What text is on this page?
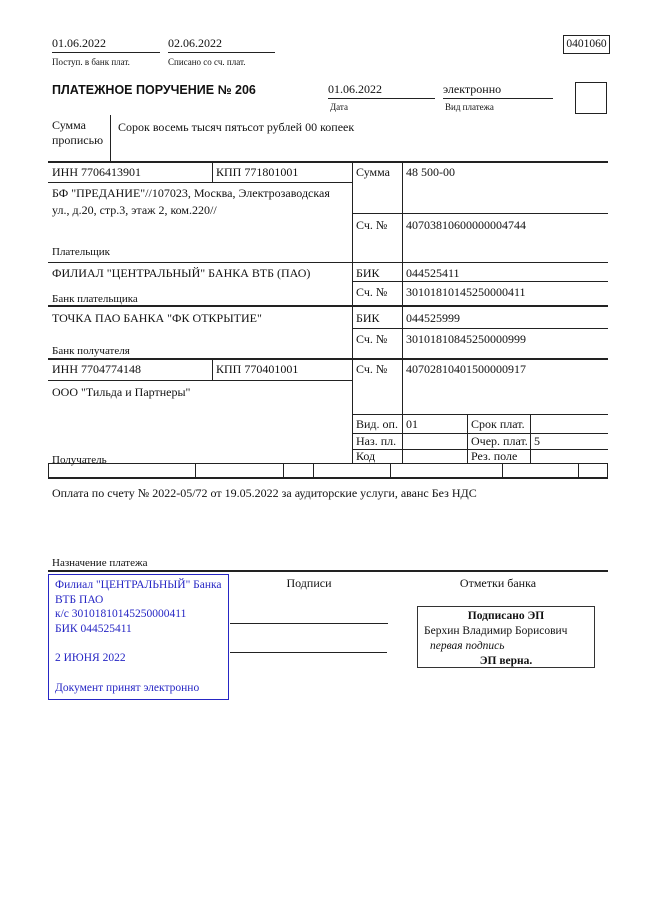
01.06.2022
Поступ. в банк плат.
02.06.2022
Списано со сч. плат.
0401060
ПЛАТЕЖНОЕ ПОРУЧЕНИЕ № 206	01.06.2022
Дата
электронно
Вид платежа
Сумма прописью
Сорок восемь тысяч пятьсот рублей 00 копеек
ИНН 7706413901	КПП 771801001	Сумма 48 500-00
БФ "ПРЕДАНИЕ"//107023, Москва, Электрозаводская ул., д.20, стр.3, этаж 2, ком.220//
Сч. № 40703810600000004744
Плательщик
ФИЛИАЛ "ЦЕНТРАЛЬНЫЙ" БАНКА ВТБ (ПАО)	БИК 044525411
Сч. № 30101810145250000411
Банк плательщика
ТОЧКА ПАО БАНКА "ФК ОТКРЫТИЕ"	БИК 044525999
Сч. № 30101810845250000999
Банк получателя
ИНН 7704774148	КПП 770401001	Сч. № 40702810401500000917
ООО "Тильда и Партнеры"
Получатель
Вид. оп. 01	Срок плат.
Наз. пл.	Очер. плат. 5
Код	Рез. поле
Оплата по счету № 2022-05/72 от 19.05.2022 за аудиторские услуги, аванс Без НДС
Назначение платежа
Филиал "ЦЕНТРАЛЬНЫЙ" Банка ВТБ ПАО
к/с 30101810145250000411
БИК 044525411
2 ИЮНЯ 2022
Документ принят электронно
Подписи	Отметки банка
Подписано ЭП
Берхин Владимир Борисович
первая подпись
ЭП верна.
